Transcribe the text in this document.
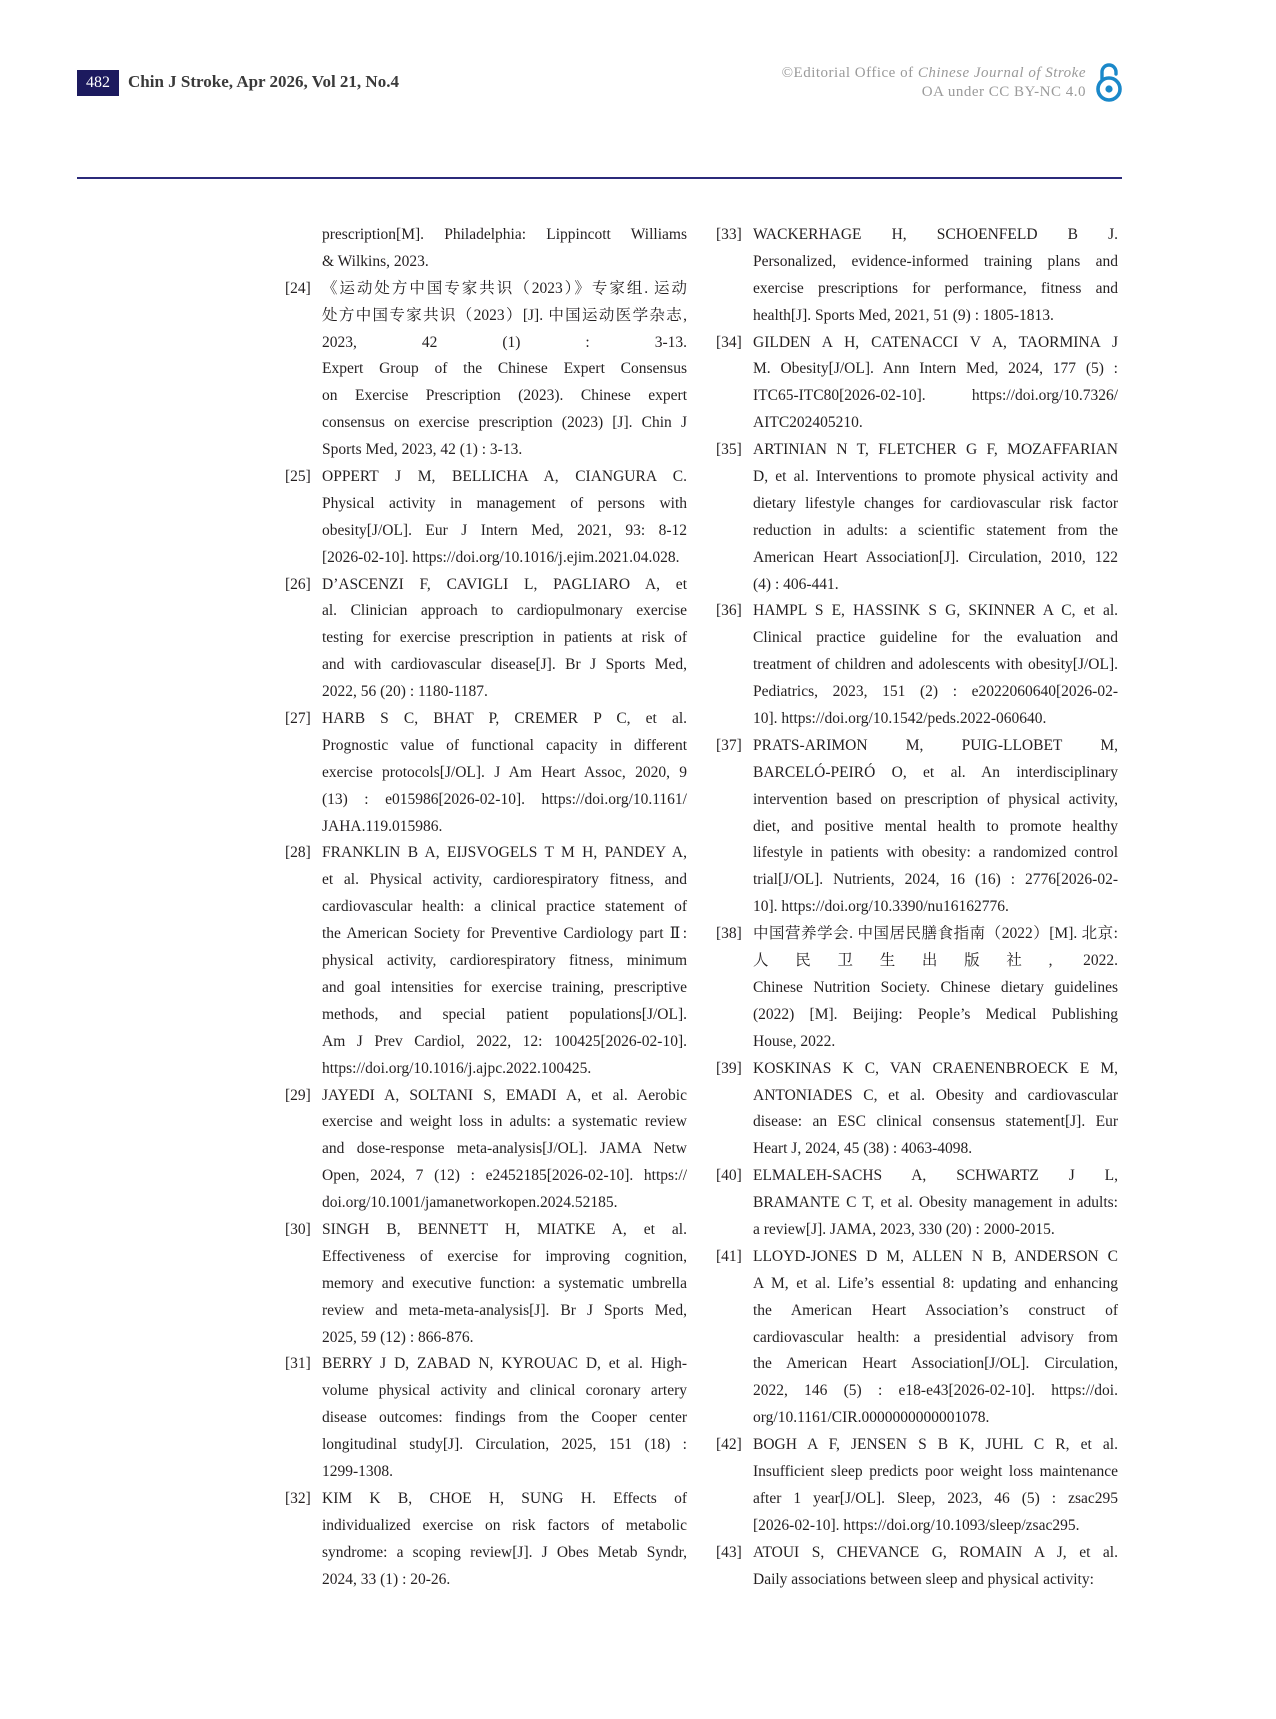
482	Chin J Stroke, Apr 2026, Vol 21, No.4	©Editorial Office of Chinese Journal of Stroke
OA under CC BY-NC 4.0
prescription[M]. Philadelphia: Lippincott Williams
& Wilkins, 2023.
[24] 《运动处方中国专家共识（2023）》专家组. 运动
处方中国专家共识（2023）[J]. 中国运动医学杂志,
2023, 42 (1) : 3-13.
Expert Group of the Chinese Expert Consensus
on Exercise Prescription (2023). Chinese expert
consensus on exercise prescription (2023) [J]. Chin J
Sports Med, 2023, 42 (1) : 3-13.
[25] OPPERT J M, BELLICHA A, CIANGURA C.
Physical activity in management of persons with
obesity[J/OL]. Eur J Intern Med, 2021, 93: 8-12
[2026-02-10]. https://doi.org/10.1016/j.ejim.2021.04.028.
[26] D’ASCENZI F, CAVIGLI L, PAGLIARO A, et
al. Clinician approach to cardiopulmonary exercise
testing for exercise prescription in patients at risk of
and with cardiovascular disease[J]. Br J Sports Med,
2022, 56 (20) : 1180-1187.
[27] HARB S C, BHAT P, CREMER P C, et al.
Prognostic value of functional capacity in different
exercise protocols[J/OL]. J Am Heart Assoc, 2020, 9
(13) : e015986[2026-02-10]. https://doi.org/10.1161/
JAHA.119.015986.
[28] FRANKLIN B A, EIJSVOGELS T M H, PANDEY A,
et al. Physical activity, cardiorespiratory fitness, and
cardiovascular health: a clinical practice statement of
the American Society for Preventive Cardiology part Ⅱ:
physical activity, cardiorespiratory fitness, minimum
and goal intensities for exercise training, prescriptive
methods, and special patient populations[J/OL].
Am J Prev Cardiol, 2022, 12: 100425[2026-02-10].
https://doi.org/10.1016/j.ajpc.2022.100425.
[29] JAYEDI A, SOLTANI S, EMADI A, et al. Aerobic
exercise and weight loss in adults: a systematic review
and dose-response meta-analysis[J/OL]. JAMA Netw
Open, 2024, 7 (12) : e2452185[2026-02-10]. https://
doi.org/10.1001/jamanetworkopen.2024.52185.
[30] SINGH B, BENNETT H, MIATKE A, et al.
Effectiveness of exercise for improving cognition,
memory and executive function: a systematic umbrella
review and meta-meta-analysis[J]. Br J Sports Med,
2025, 59 (12) : 866-876.
[31] BERRY J D, ZABAD N, KYROUAC D, et al. High-
volume physical activity and clinical coronary artery
disease outcomes: findings from the Cooper center
longitudinal study[J]. Circulation, 2025, 151 (18) :
1299-1308.
[32] KIM K B, CHOE H, SUNG H. Effects of
individualized exercise on risk factors of metabolic
syndrome: a scoping review[J]. J Obes Metab Syndr,
2024, 33 (1) : 20-26.
[33] WACKERHAGE H, SCHOENFELD B J.
Personalized, evidence-informed training plans and
exercise prescriptions for performance, fitness and
health[J]. Sports Med, 2021, 51 (9) : 1805-1813.
[34] GILDEN A H, CATENACCI V A, TAORMINA J
M. Obesity[J/OL]. Ann Intern Med, 2024, 177 (5) :
ITC65-ITC80[2026-02-10]. https://doi.org/10.7326/
AITC202405210.
[35] ARTINIAN N T, FLETCHER G F, MOZAFFARIAN
D, et al. Interventions to promote physical activity and
dietary lifestyle changes for cardiovascular risk factor
reduction in adults: a scientific statement from the
American Heart Association[J]. Circulation, 2010, 122
(4) : 406-441.
[36] HAMPL S E, HASSINK S G, SKINNER A C, et al.
Clinical practice guideline for the evaluation and
treatment of children and adolescents with obesity[J/OL].
Pediatrics, 2023, 151 (2) : e2022060640[2026-02-
10]. https://doi.org/10.1542/peds.2022-060640.
[37] PRATS-ARIMON M, PUIG-LLOBET M,
BARCELÓ-PEIRÓ O, et al. An interdisciplinary
intervention based on prescription of physical activity,
diet, and positive mental health to promote healthy
lifestyle in patients with obesity: a randomized control
trial[J/OL]. Nutrients, 2024, 16 (16) : 2776[2026-02-
10]. https://doi.org/10.3390/nu16162776.
[38] 中国营养学会. 中国居民膳食指南（2022）[M]. 北京:
人民卫生出版社, 2022.
Chinese Nutrition Society. Chinese dietary guidelines
(2022) [M]. Beijing: People’s Medical Publishing
House, 2022.
[39] KOSKINAS K C, VAN CRAENENBROECK E M,
ANTONIADES C, et al. Obesity and cardiovascular
disease: an ESC clinical consensus statement[J]. Eur
Heart J, 2024, 45 (38) : 4063-4098.
[40] ELMALEH-SACHS A, SCHWARTZ J L,
BRAMANTE C T, et al. Obesity management in adults:
a review[J]. JAMA, 2023, 330 (20) : 2000-2015.
[41] LLOYD-JONES D M, ALLEN N B, ANDERSON C
A M, et al. Life’s essential 8: updating and enhancing
the American Heart Association’s construct of
cardiovascular health: a presidential advisory from
the American Heart Association[J/OL]. Circulation,
2022, 146 (5) : e18-e43[2026-02-10]. https://doi.
org/10.1161/CIR.0000000000001078.
[42] BOGH A F, JENSEN S B K, JUHL C R, et al.
Insufficient sleep predicts poor weight loss maintenance
after 1 year[J/OL]. Sleep, 2023, 46 (5) : zsac295
[2026-02-10]. https://doi.org/10.1093/sleep/zsac295.
[43] ATOUI S, CHEVANCE G, ROMAIN A J, et al.
Daily associations between sleep and physical activity:
